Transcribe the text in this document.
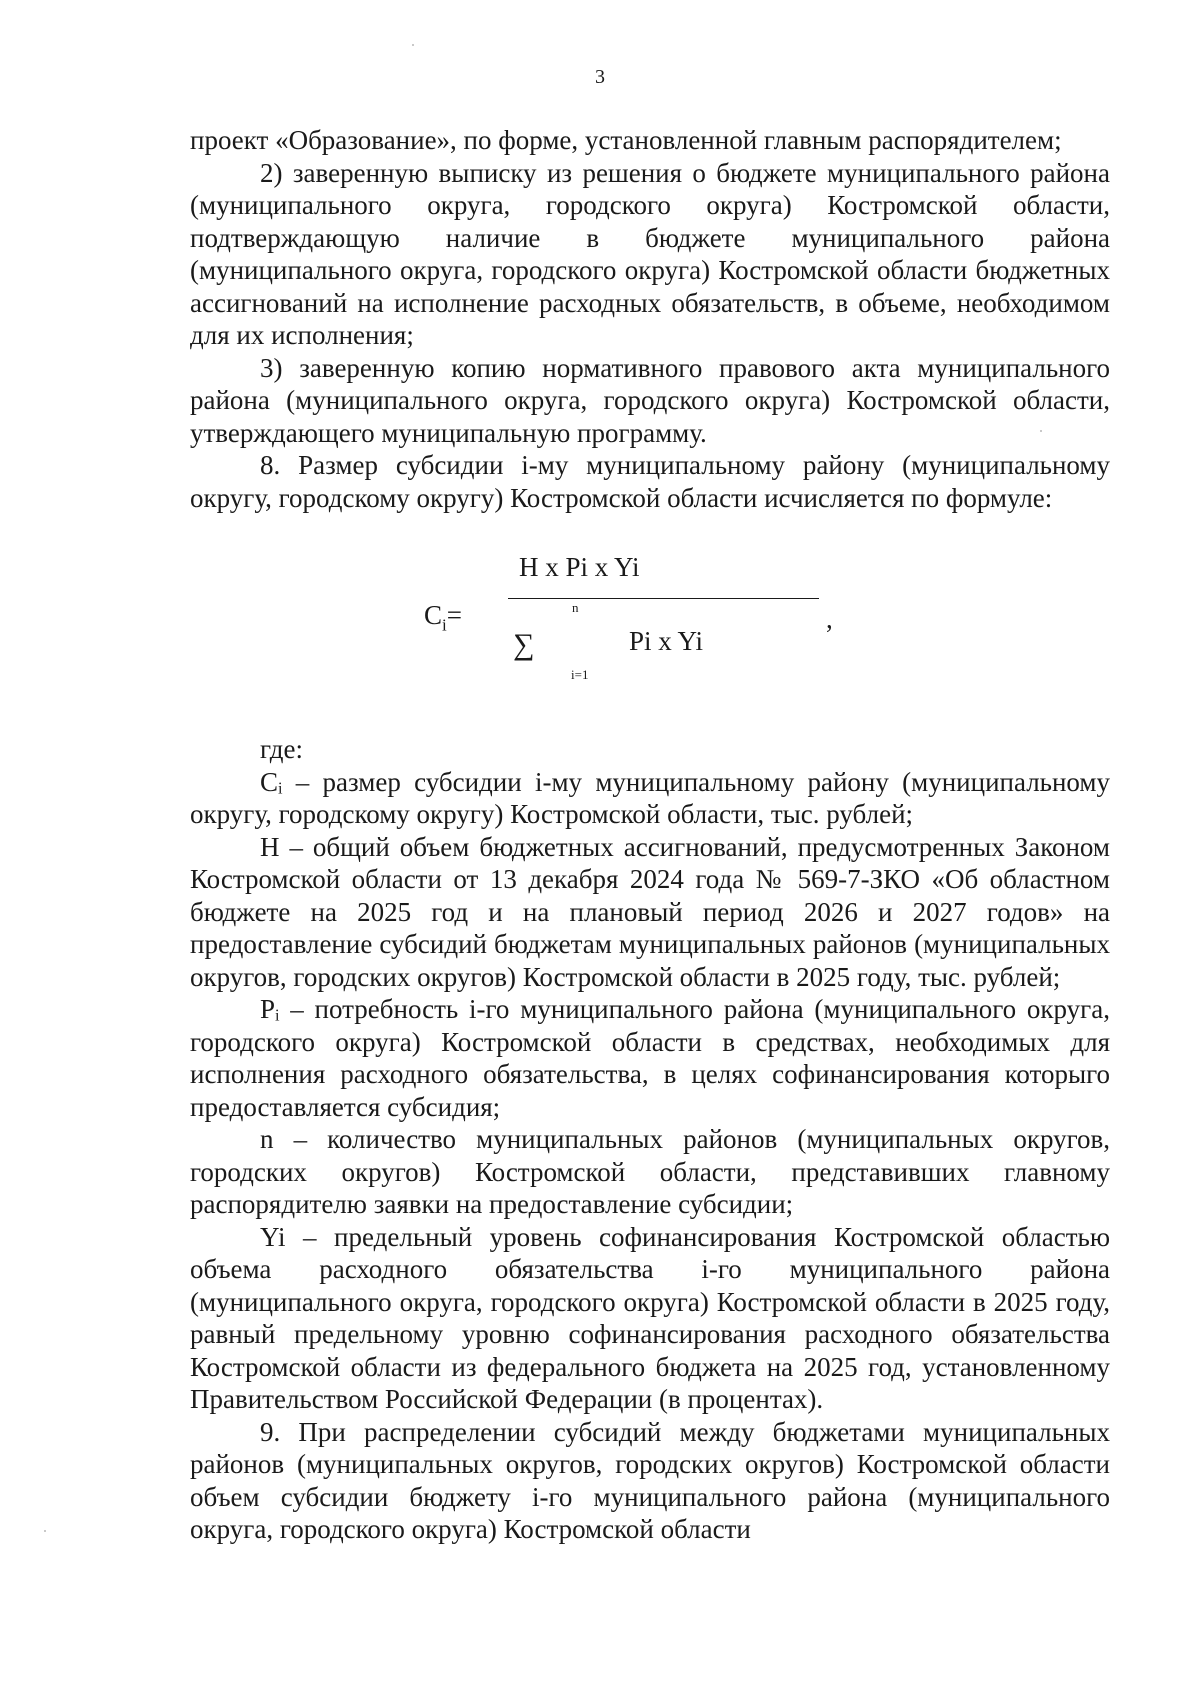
3

проект «Образование», по форме, установленной главным распорядителем;

2) заверенную выписку из решения о бюджете муниципального района (муниципального округа, городского округа) Костромской области, подтверждающую наличие в бюджете муниципального района (муниципального округа, городского округа) Костромской области бюджетных ассигнований на исполнение расходных обязательств, в объеме, необходимом для их исполнения;

3) заверенную копию нормативного правового акта муниципального района (муниципального округа, городского округа) Костромской области, утверждающего муниципальную программу.

8. Размер субсидии i-му муниципальному району (муниципальному округу, городскому округу) Костромской области исчисляется по формуле:

H x Pi x Yi
$C_i=$	n
∑	Pi x Yi
i=1
,

где:

Cᵢ – размер субсидии i-му муниципальному району (муниципальному округу, городскому округу) Костромской области, тыс. рублей;

H – общий объем бюджетных ассигнований, предусмотренных Законом Костромской области от 13 декабря 2024 года № 569-7-ЗКО «Об областном бюджете на 2025 год и на плановый период 2026 и 2027 годов» на предоставление субсидий бюджетам муниципальных районов (муниципальных округов, городских округов) Костромской области в 2025 году, тыс. рублей;

Pᵢ – потребность i-го муниципального района (муниципального округа, городского округа) Костромской области в средствах, необходимых для исполнения расходного обязательства, в целях софинансирования которыго предоставляется субсидия;

n – количество муниципальных районов (муниципальных округов, городских округов) Костромской области, представивших главному распорядителю заявки на предоставление субсидии;

Yi – предельный уровень софинансирования Костромской областью объема расходного обязательства i-го муниципального района (муниципального округа, городского округа) Костромской области в 2025 году, равный предельному уровню софинансирования расходного обязательства Костромской области из федерального бюджета на 2025 год, установленному Правительством Российской Федерации (в процентах).

9. При распределении субсидий между бюджетами муниципальных районов (муниципальных округов, городских округов) Костромской области объем субсидии бюджету i-го муниципального района (муниципального округа, городского округа) Костромской области
